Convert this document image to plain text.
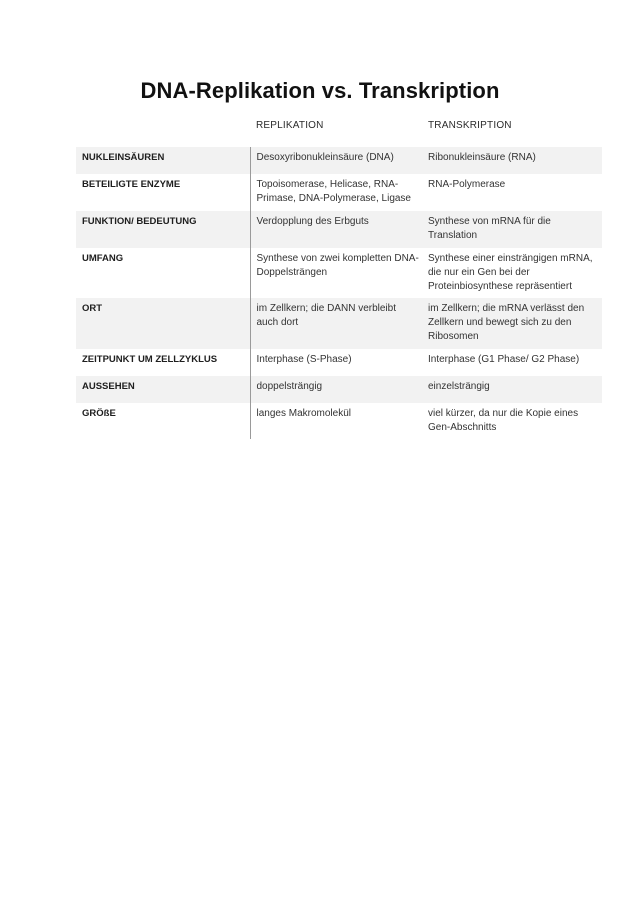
DNA-Replikation vs. Transkription
	REPLIKATION	TRANSKRIPTION
NUKLEINSÄUREN	Desoxyribonukleinsäure (DNA)	Ribonukleinsäure (RNA)
BETEILIGTE ENZYME	Topoisomerase, Helicase, RNA-Primase, DNA-Polymerase, Ligase	RNA-Polymerase
FUNKTION/ BEDEUTUNG	Verdopplung des Erbguts	Synthese von mRNA für die Translation
UMFANG	Synthese von zwei kompletten DNA-Doppelsträngen	Synthese einer einsträngigen mRNA, die nur ein Gen bei der Proteinbiosynthese repräsentiert
ORT	im Zellkern; die DANN verbleibt auch dort	im Zellkern; die mRNA verlässt den Zellkern und bewegt sich zu den Ribosomen
ZEITPUNKT UM ZELLZYKLUS	Interphase (S-Phase)	Interphase (G1 Phase/ G2 Phase)
AUSSEHEN	doppelsträngig	einzelsträngig
GRÖßE	langes Makromolekül	viel kürzer, da nur die Kopie eines Gen-Abschnitts
